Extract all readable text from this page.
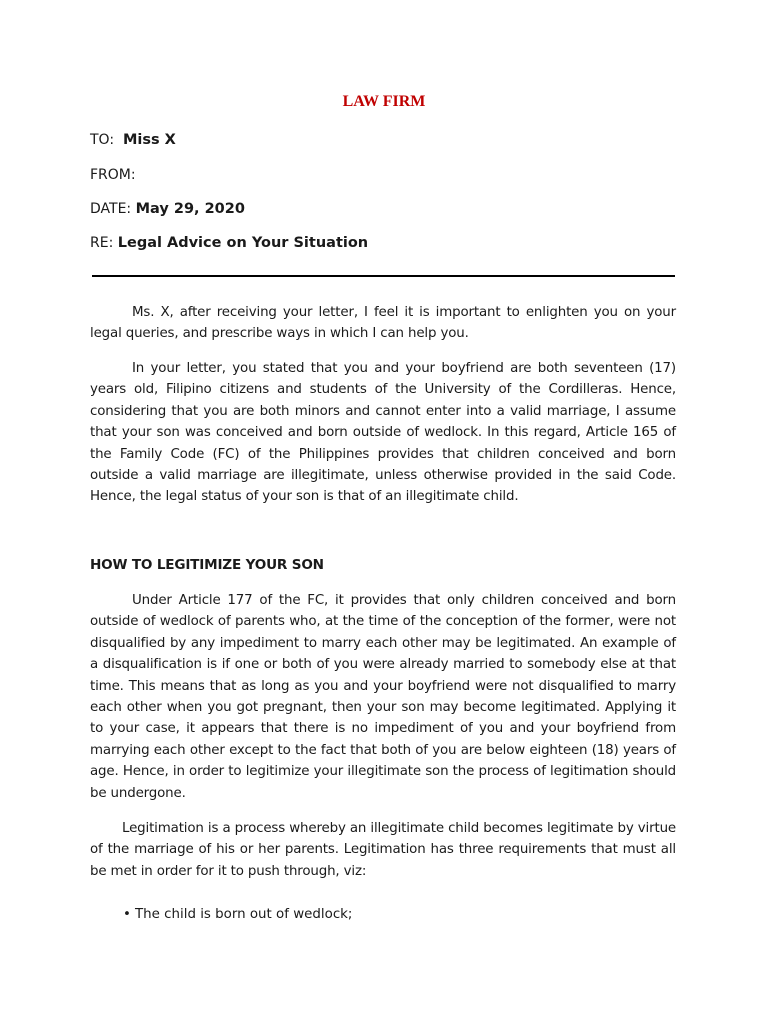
LAW FIRM
TO: Miss X
FROM:
DATE: May 29, 2020
RE: Legal Advice on Your Situation

Ms. X, after receiving your letter, I feel it is important to enlighten you on your legal queries, and prescribe ways in which I can help you.

In your letter, you stated that you and your boyfriend are both seventeen (17) years old, Filipino citizens and students of the University of the Cordilleras. Hence, considering that you are both minors and cannot enter into a valid marriage, I assume that your son was conceived and born outside of wedlock. In this regard, Article 165 of the Family Code (FC) of the Philippines provides that children conceived and born outside a valid marriage are illegitimate, unless otherwise provided in the said Code. Hence, the legal status of your son is that of an illegitimate child.

HOW TO LEGITIMIZE YOUR SON

Under Article 177 of the FC, it provides that only children conceived and born outside of wedlock of parents who, at the time of the conception of the former, were not disqualified by any impediment to marry each other may be legitimated. An example of a disqualification is if one or both of you were already married to somebody else at that time. This means that as long as you and your boyfriend were not disqualified to marry each other when you got pregnant, then your son may become legitimated. Applying it to your case, it appears that there is no impediment of you and your boyfriend from marrying each other except to the fact that both of you are below eighteen (18) years of age. Hence, in order to legitimize your illegitimate son the process of legitimation should be undergone.

Legitimation is a process whereby an illegitimate child becomes legitimate by virtue of the marriage of his or her parents. Legitimation has three requirements that must all be met in order for it to push through, viz:

• The child is born out of wedlock;
